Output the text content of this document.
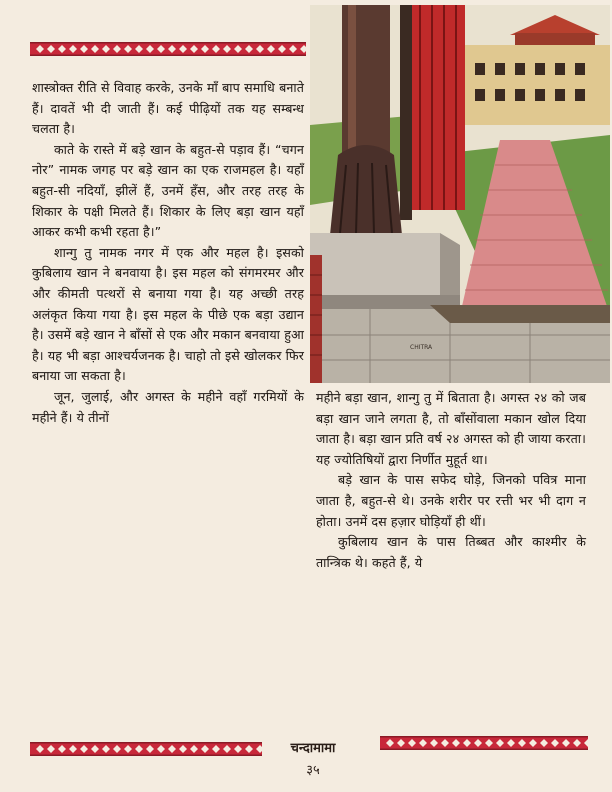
शास्त्रोक्त रीति से विवाह करके, उनके माँ बाप समाधि बनाते हैं। दावतें भी दी जाती हैं। कई पीढ़ियों तक यह सम्बन्ध चलता है।

काते के रास्ते में बड़े खान के बहुत-से पड़ाव हैं। “चगन नोर” नामक जगह पर बड़े खान का एक राजमहल है। यहाँ बहुत-सी नदियाँ, झीलें हैं, उनमें हँस, और तरह तरह के शिकार के पक्षी मिलते हैं। शिकार के लिए बड़ा खान यहाँ आकर कभी कभी रहता है।”

शान्गु तु नामक नगर में एक और महल है। इसको कुबिलाय खान ने बनवाया है। इस महल को संगमरमर और और कीमती पत्थरों से बनाया गया है। यह अच्छी तरह अलंकृत किया गया है। इस महल के पीछे एक बड़ा उद्यान है। उसमें बड़े खान ने बाँसों से एक और मकान बनवाया हुआ है। यह भी बड़ा आश्चर्यजनक है। चाहो तो इसे खोलकर फिर बनाया जा सकता है।

जून, जुलाई, और अगस्त के महीने वहाँ गरमियों के महीने हैं। ये तीनों

CHITRA

महीने बड़ा खान, शान्गु तु में बिताता है। अगस्त २४ को जब बड़ा खान जाने लगता है, तो बाँसोंवाला मकान खोल दिया जाता है। बड़ा खान प्रति वर्ष २४ अगस्त को ही जाया करता। यह ज्योतिषियों द्वारा निर्णीत मुहूर्त था।

बड़े खान के पास सफेद घोड़े, जिनको पवित्र माना जाता है, बहुत-से थे। उनके शरीर पर रत्ती भर भी दाग न होता। उनमें दस हज़ार घोड़ियाँ ही थीं।

कुबिलाय खान के पास तिब्बत और काश्मीर के तान्त्रिक थे। कहते हैं, ये

चन्दामामा
३५
